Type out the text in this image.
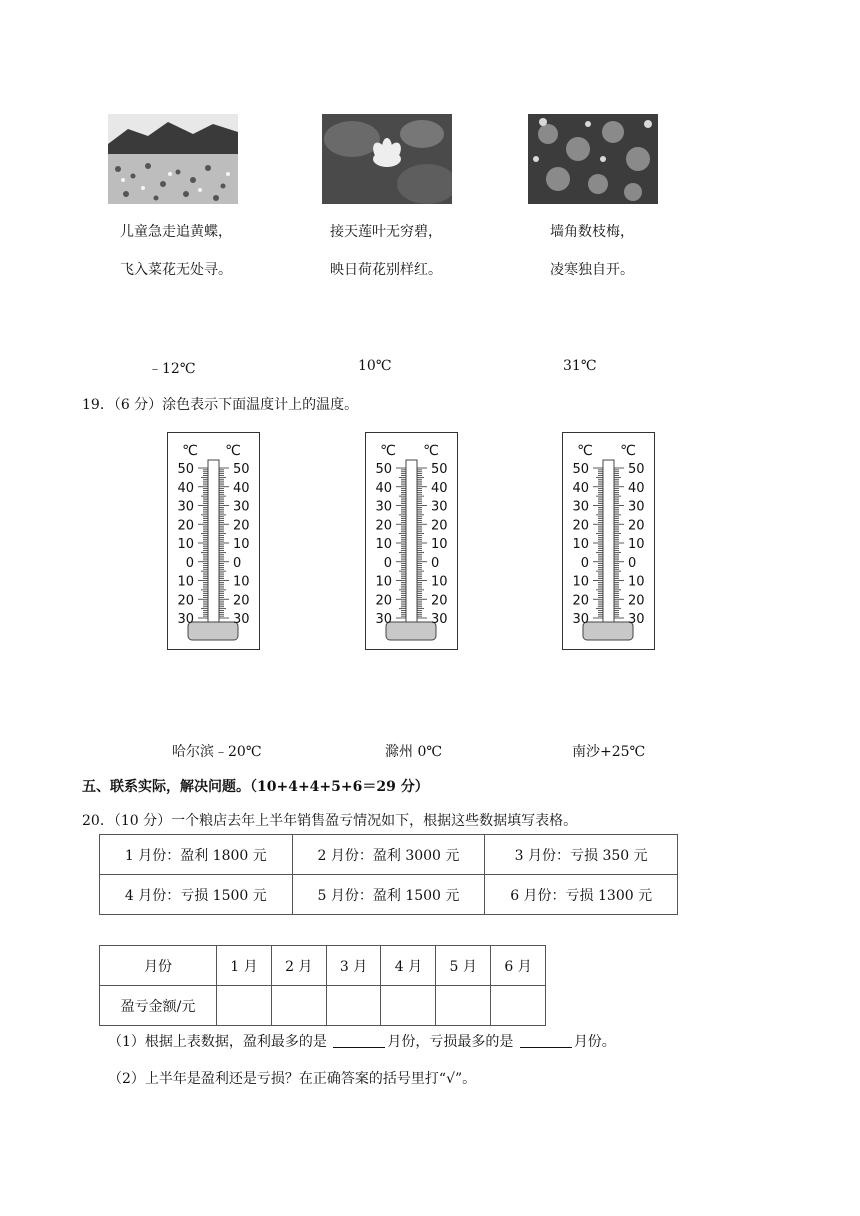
儿童急走追黄蝶，
飞入菜花无处寻。
接天莲叶无穷碧，
映日荷花别样红。
墙角数枝梅，
凌寒独自开。
﹣12℃	10℃	31℃
19．（6 分）涂色表示下面温度计上的温度。
℃ ℃
50	50
40	40
30	30
20	20
10	10
0	0
10	10
20	20
30	30
℃ ℃
50	50
40	40
30	30
20	20
10	10
0	0
10	10
20	20
30	30
℃ ℃
50	50
40	40
30	30
20	20
10	10
0	0
10	10
20	20
30	30
哈尔滨﹣20℃	滁州 0℃	南沙+25℃
五、联系实际，解决问题。（10+4+4+5+6＝29 分）
20．（10 分）一个粮店去年上半年销售盈亏情况如下，根据这些数据填写表格。
1 月份：盈利 1800 元	2 月份：盈利 3000 元	3 月份：亏损 350 元
4 月份：亏损 1500 元	5 月份：盈利 1500 元	6 月份：亏损 1300 元
月份	1 月	2 月	3 月	4 月	5 月	6 月
盈亏金额/元						
（1）根据上表数据，盈利最多的是	月份，亏损最多的是	月份。
（2）上半年是盈利还是亏损？在正确答案的括号里打“√”。
